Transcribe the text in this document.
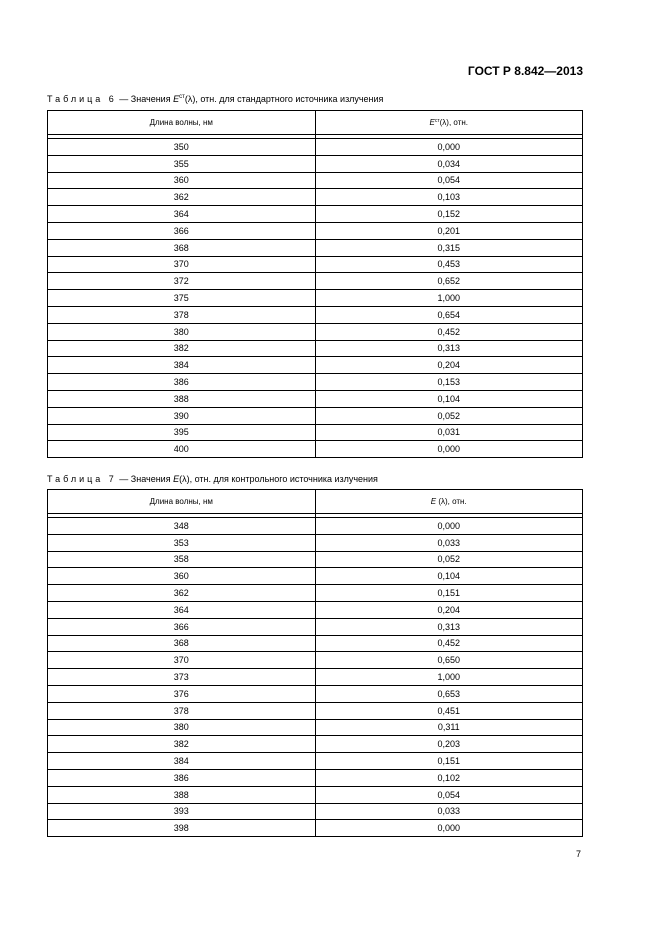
ГОСТ Р 8.842—2013
Таблица 6 — Значения $E^{ст}(\lambda)$, отн. для стандартного источника излучения
Длина волны, нм	$E^{ст}(\lambda)$, отн.

350	0,000
355	0,034
360	0,054
362	0,103
364	0,152
366	0,201
368	0,315
370	0,453
372	0,652
375	1,000
378	0,654
380	0,452
382	0,313
384	0,204
386	0,153
388	0,104
390	0,052
395	0,031
400	0,000
Таблица 7 — Значения E(λ), отн. для контрольного источника излучения
Длина волны, нм	E (λ), отн.

348	0,000
353	0,033
358	0,052
360	0,104
362	0,151
364	0,204
366	0,313
368	0,452
370	0,650
373	1,000
376	0,653
378	0,451
380	0,311
382	0,203
384	0,151
386	0,102
388	0,054
393	0,033
398	0,000
7
